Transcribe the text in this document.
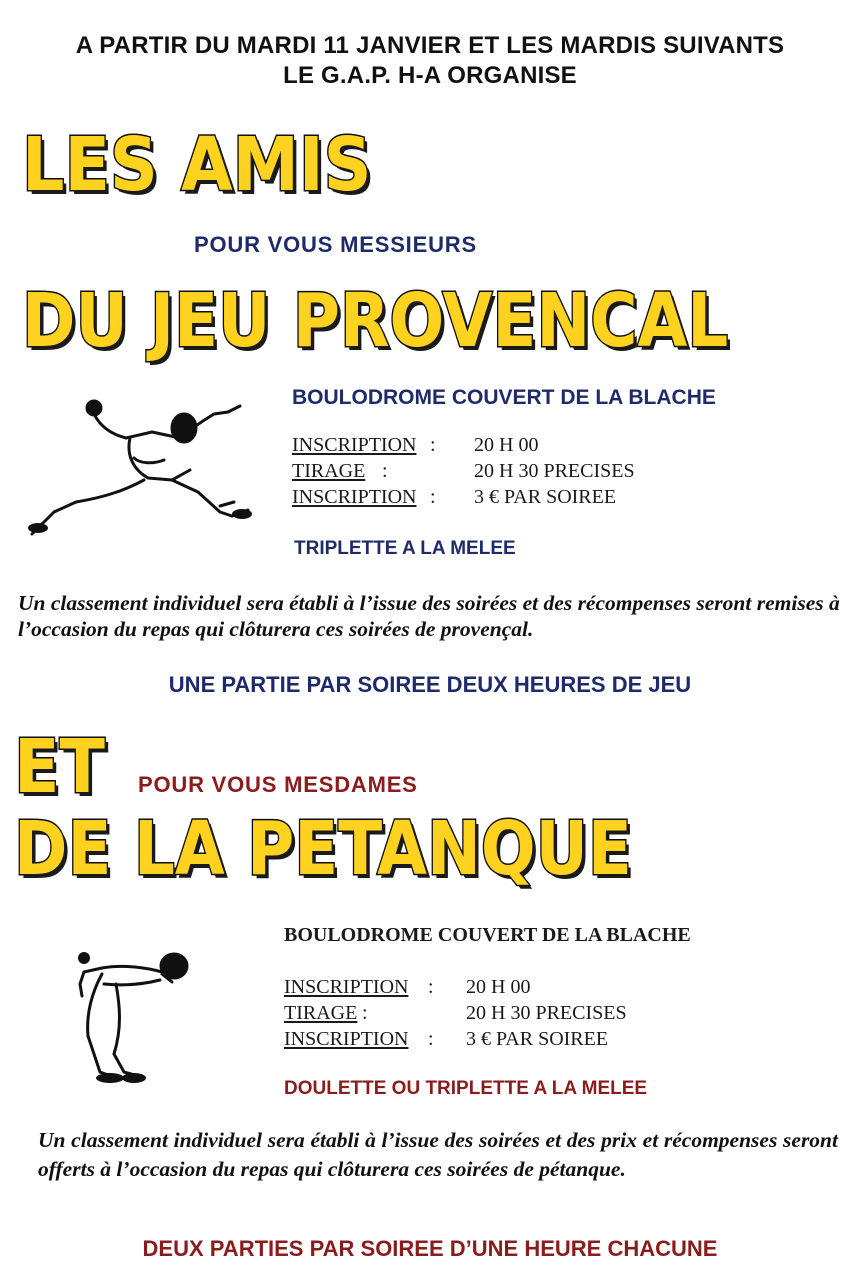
A PARTIR DU MARDI 11 JANVIER ET LES MARDIS SUIVANTS
LE G.A.P. H-A ORGANISE
LES AMIS
POUR VOUS MESSIEURS
DU JEU PROVENCAL
BOULODROME COUVERT DE LA BLACHE
INSCRIPTION : 20 H 00
TIRAGE :	20 H 30 PRECISES
INSCRIPTION : 3 € PAR SOIREE
TRIPLETTE A LA MELEE
Un classement individuel sera établi à l’issue des soirées et des récompenses seront remises à l’occasion du repas qui clôturera ces soirées de provençal.
UNE PARTIE PAR SOIREE DEUX HEURES DE JEU
ET POUR VOUS MESDAMES
DE LA PETANQUE
BOULODROME COUVERT DE LA BLACHE
INSCRIPTION : 20 H 00
TIRAGE :	20 H 30 PRECISES
INSCRIPTION : 3 € PAR SOIREE
DOULETTE OU TRIPLETTE A LA MELEE
Un classement individuel sera établi à l’issue des soirées et des prix et récompenses seront offerts à l’occasion du repas qui clôturera ces soirées de pétanque.
DEUX PARTIES PAR SOIREE D’UNE HEURE CHACUNE
